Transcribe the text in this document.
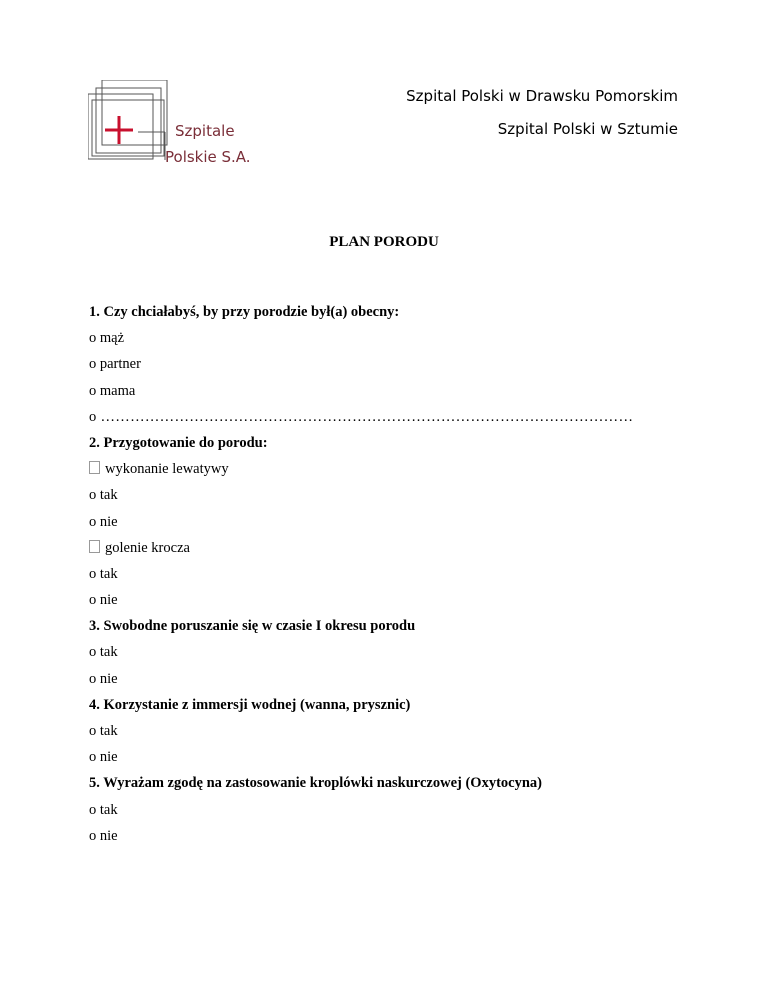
Szpitale
Polskie S.A.
Szpital Polski w Drawsku Pomorskim
Szpital Polski w Sztumie
PLAN PORODU
1. Czy chciałabyś, by przy porodzie był(a) obecny:
o mąż
o partner
o mama
o ………………………………………………………………………………………………
2. Przygotowanie do porodu:
wykonanie lewatywy
o tak
o nie
golenie krocza
o tak
o nie
3. Swobodne poruszanie się w czasie I okresu porodu
o tak
o nie
4. Korzystanie z immersji wodnej (wanna, prysznic)
o tak
o nie
5. Wyrażam zgodę na zastosowanie kroplówki naskurczowej (Oxytocyna)
o tak
o nie
